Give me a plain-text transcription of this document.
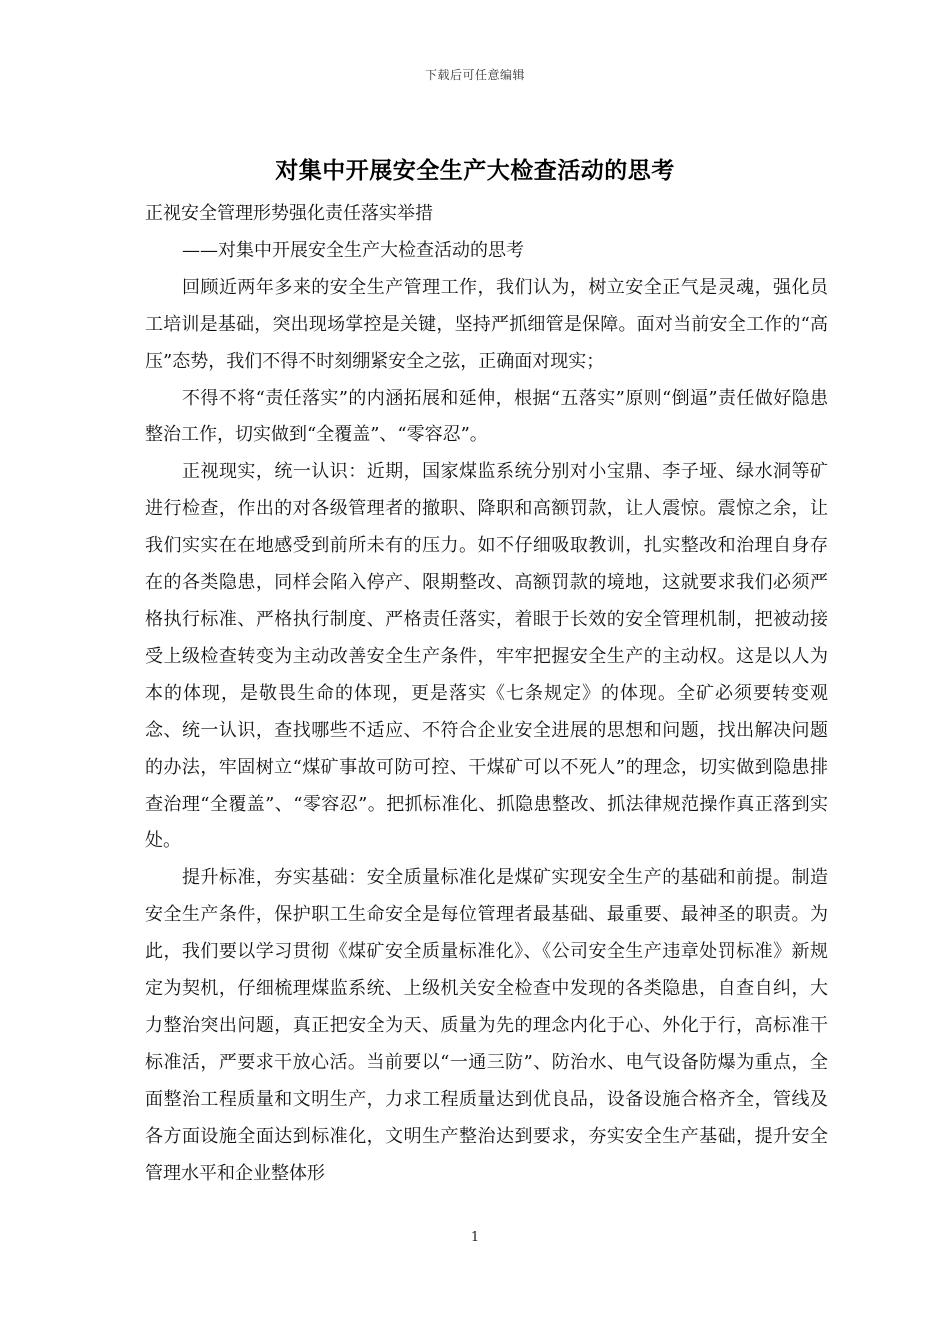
下载后可任意编辑
对集中开展安全生产大检查活动的思考

正视安全管理形势强化责任落实举措

——对集中开展安全生产大检查活动的思考

回顾近两年多来的安全生产管理工作，我们认为，树立安全正气是灵魂，强化员工培训是基础，突出现场掌控是关键，坚持严抓细管是保障。面对当前安全工作的“高压”态势，我们不得不时刻绷紧安全之弦，正确面对现实；

不得不将“责任落实”的内涵拓展和延伸，根据“五落实”原则“倒逼”责任做好隐患整治工作，切实做到“全覆盖”、“零容忍”。

正视现实，统一认识：近期，国家煤监系统分别对小宝鼎、李子垭、绿水洞等矿进行检查，作出的对各级管理者的撤职、降职和高额罚款，让人震惊。震惊之余，让我们实实在在地感受到前所未有的压力。如不仔细吸取教训，扎实整改和治理自身存在的各类隐患，同样会陷入停产、限期整改、高额罚款的境地，这就要求我们必须严格执行标准、严格执行制度、严格责任落实，着眼于长效的安全管理机制，把被动接受上级检查转变为主动改善安全生产条件，牢牢把握安全生产的主动权。这是以人为本的体现，是敬畏生命的体现，更是落实《七条规定》的体现。全矿必须要转变观念、统一认识，查找哪些不适应、不符合企业安全进展的思想和问题，找出解决问题的办法，牢固树立“煤矿事故可防可控、干煤矿可以不死人”的理念，切实做到隐患排查治理“全覆盖”、“零容忍”。把抓标准化、抓隐患整改、抓法律规范操作真正落到实处。

提升标准，夯实基础：安全质量标准化是煤矿实现安全生产的基础和前提。制造安全生产条件，保护职工生命安全是每位管理者最基础、最重要、最神圣的职责。为此，我们要以学习贯彻《煤矿安全质量标准化》、《公司安全生产违章处罚标准》新规定为契机，仔细梳理煤监系统、上级机关安全检查中发现的各类隐患，自查自纠，大力整治突出问题，真正把安全为天、质量为先的理念内化于心、外化于行，高标准干标准活，严要求干放心活。当前要以“一通三防”、防治水、电气设备防爆为重点，全面整治工程质量和文明生产，力求工程质量达到优良品，设备设施合格齐全，管线及各方面设施全面达到标准化，文明生产整治达到要求，夯实安全生产基础，提升安全管理水平和企业整体形

1
